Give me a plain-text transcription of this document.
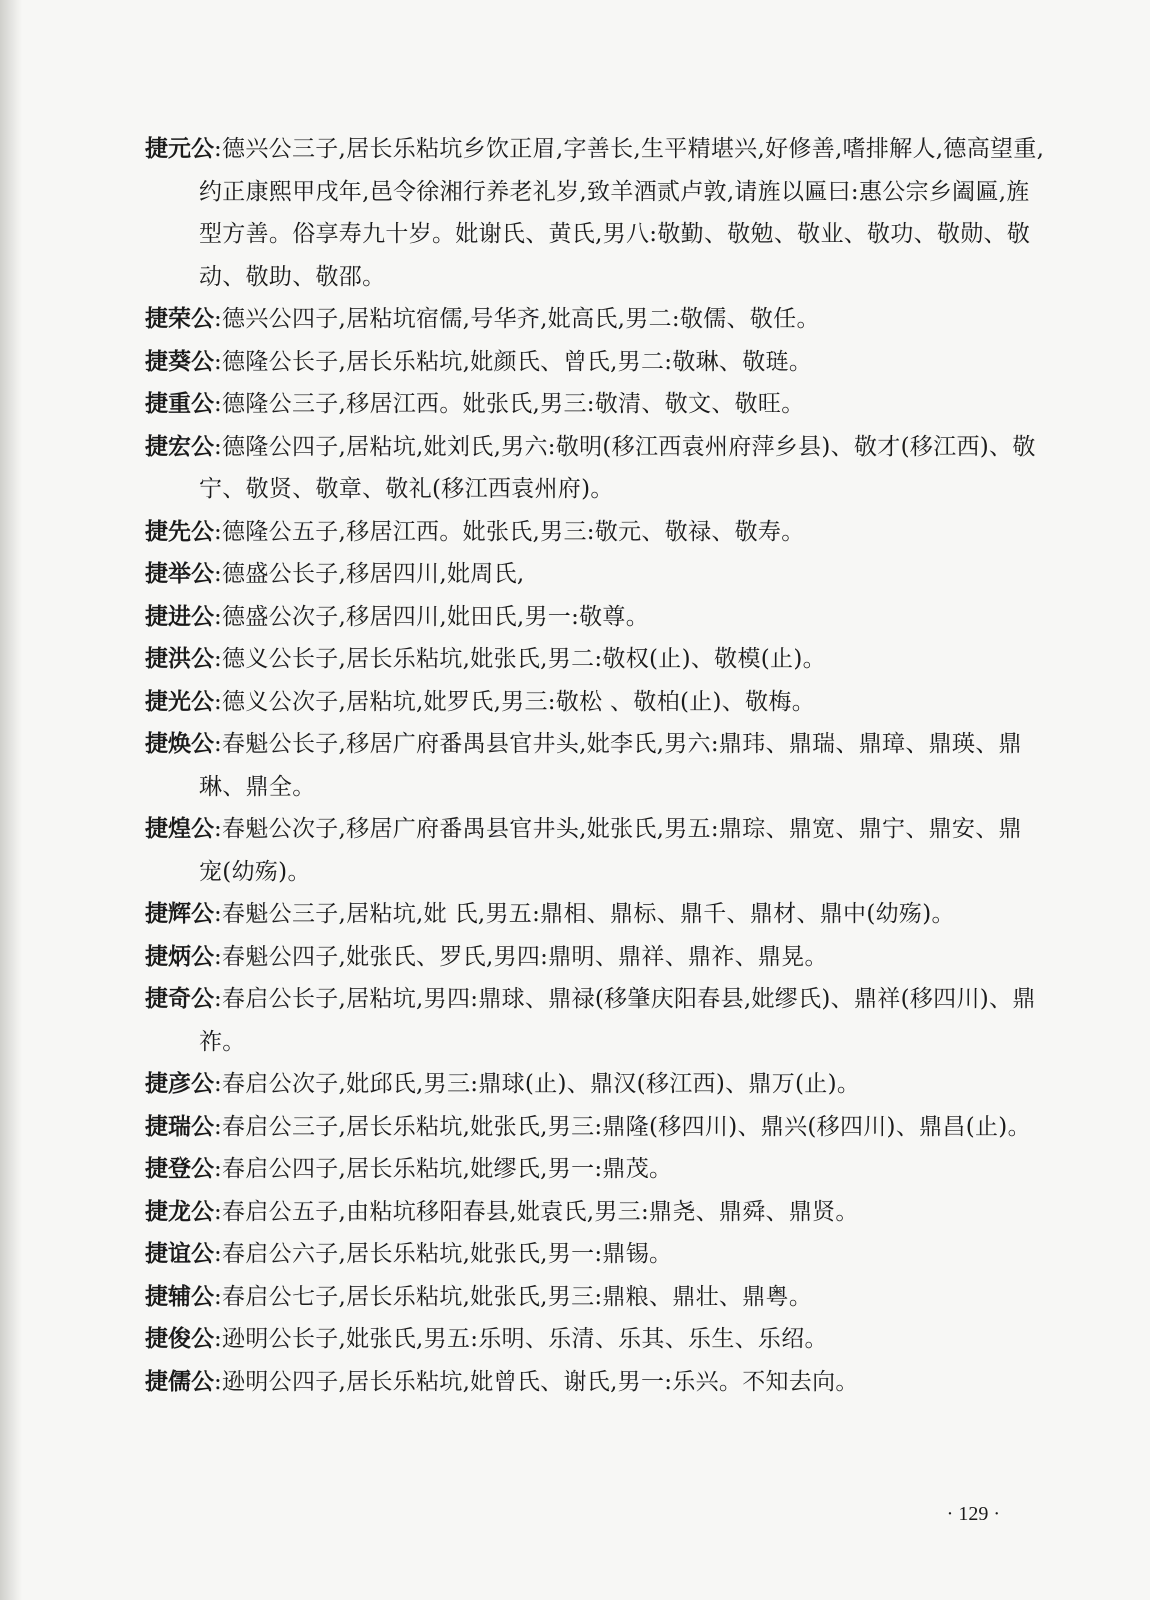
捷元公:德兴公三子,居长乐粘坑乡饮正眉,字善长,生平精堪兴,好修善,嗜排解人,德高望重,约正康熙甲戌年,邑令徐湘行养老礼岁,致羊酒贰卢敦,请旌以匾曰:惠公宗乡阖匾,旌型方善。俗享寿九十岁。妣谢氏、黄氏,男八:敬勤、敬勉、敬业、敬功、敬勋、敬动、敬助、敬邵。

捷荣公:德兴公四子,居粘坑宿儒,号华齐,妣高氏,男二:敬儒、敬任。

捷葵公:德隆公长子,居长乐粘坑,妣颜氏、曾氏,男二:敬琳、敬琏。

捷重公:德隆公三子,移居江西。妣张氏,男三:敬清、敬文、敬旺。

捷宏公:德隆公四子,居粘坑,妣刘氏,男六:敬明(移江西袁州府萍乡县)、敬才(移江西)、敬宁、敬贤、敬章、敬礼(移江西袁州府)。

捷先公:德隆公五子,移居江西。妣张氏,男三:敬元、敬禄、敬寿。

捷举公:德盛公长子,移居四川,妣周氏,

捷进公:德盛公次子,移居四川,妣田氏,男一:敬尊。

捷洪公:德义公长子,居长乐粘坑,妣张氏,男二:敬权(止)、敬模(止)。

捷光公:德义公次子,居粘坑,妣罗氏,男三:敬松 、敬柏(止)、敬梅。

捷焕公:春魁公长子,移居广府番禺县官井头,妣李氏,男六:鼎玮、鼎瑞、鼎璋、鼎瑛、鼎琳、鼎全。

捷煌公:春魁公次子,移居广府番禺县官井头,妣张氏,男五:鼎琮、鼎宽、鼎宁、鼎安、鼎宠(幼殇)。

捷辉公:春魁公三子,居粘坑,妣 氏,男五:鼎相、鼎标、鼎千、鼎材、鼎中(幼殇)。

捷炳公:春魁公四子,妣张氏、罗氏,男四:鼎明、鼎祥、鼎祚、鼎晃。

捷奇公:春启公长子,居粘坑,男四:鼎球、鼎禄(移肇庆阳春县,妣缪氏)、鼎祥(移四川)、鼎祚。

捷彦公:春启公次子,妣邱氏,男三:鼎球(止)、鼎汉(移江西)、鼎万(止)。

捷瑞公:春启公三子,居长乐粘坑,妣张氏,男三:鼎隆(移四川)、鼎兴(移四川)、鼎昌(止)。

捷登公:春启公四子,居长乐粘坑,妣缪氏,男一:鼎茂。

捷龙公:春启公五子,由粘坑移阳春县,妣袁氏,男三:鼎尧、鼎舜、鼎贤。

捷谊公:春启公六子,居长乐粘坑,妣张氏,男一:鼎锡。

捷辅公:春启公七子,居长乐粘坑,妣张氏,男三:鼎粮、鼎壮、鼎粤。

捷俊公:逊明公长子,妣张氏,男五:乐明、乐清、乐其、乐生、乐绍。

捷儒公:逊明公四子,居长乐粘坑,妣曾氏、谢氏,男一:乐兴。不知去向。

· 129 ·
